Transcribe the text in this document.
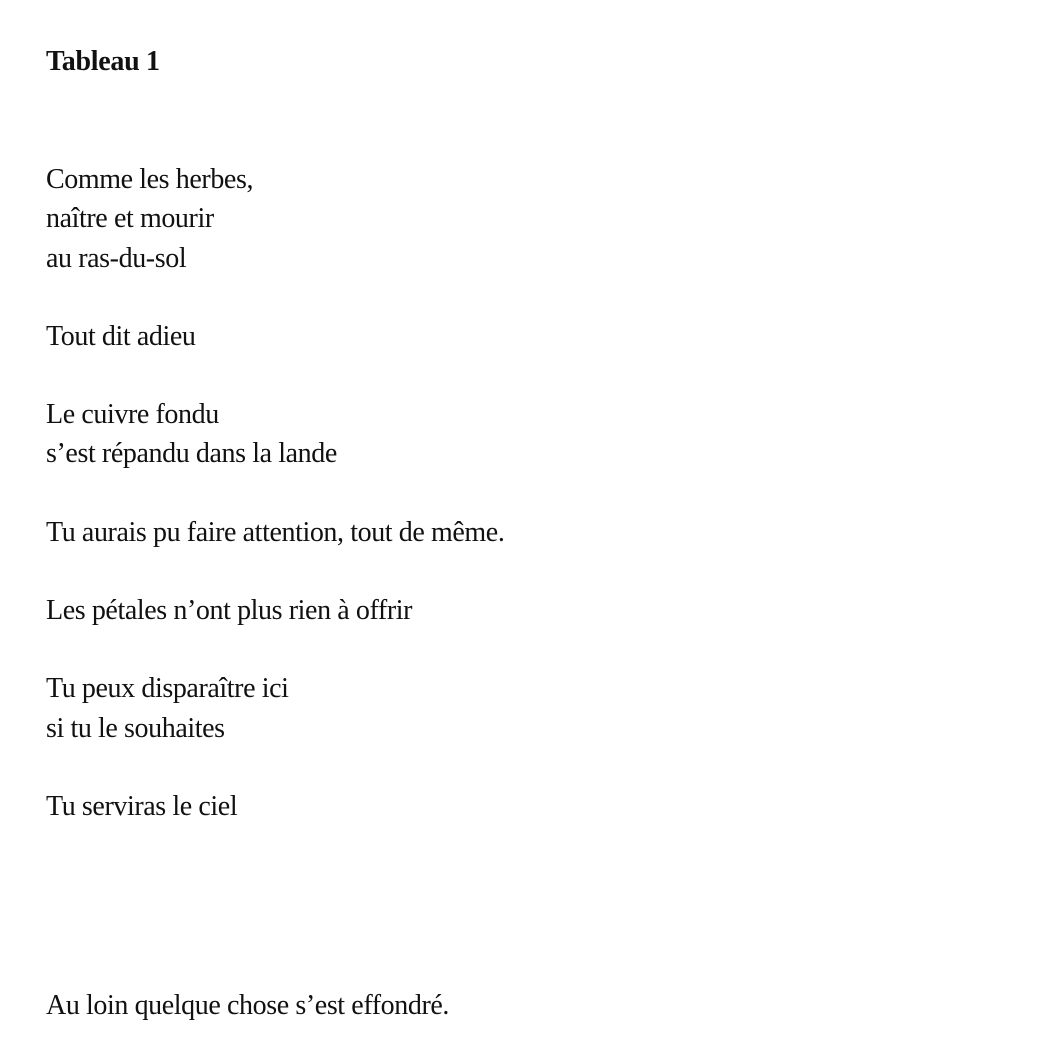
Tableau 1

Comme les herbes,
naître et mourir
au ras-du-sol

Tout dit adieu

Le cuivre fondu
s’est répandu dans la lande

Tu aurais pu faire attention, tout de même.

Les pétales n’ont plus rien à offrir

Tu peux disparaître ici
si tu le souhaites

Tu serviras le ciel

Au loin quelque chose s’est effondré.
